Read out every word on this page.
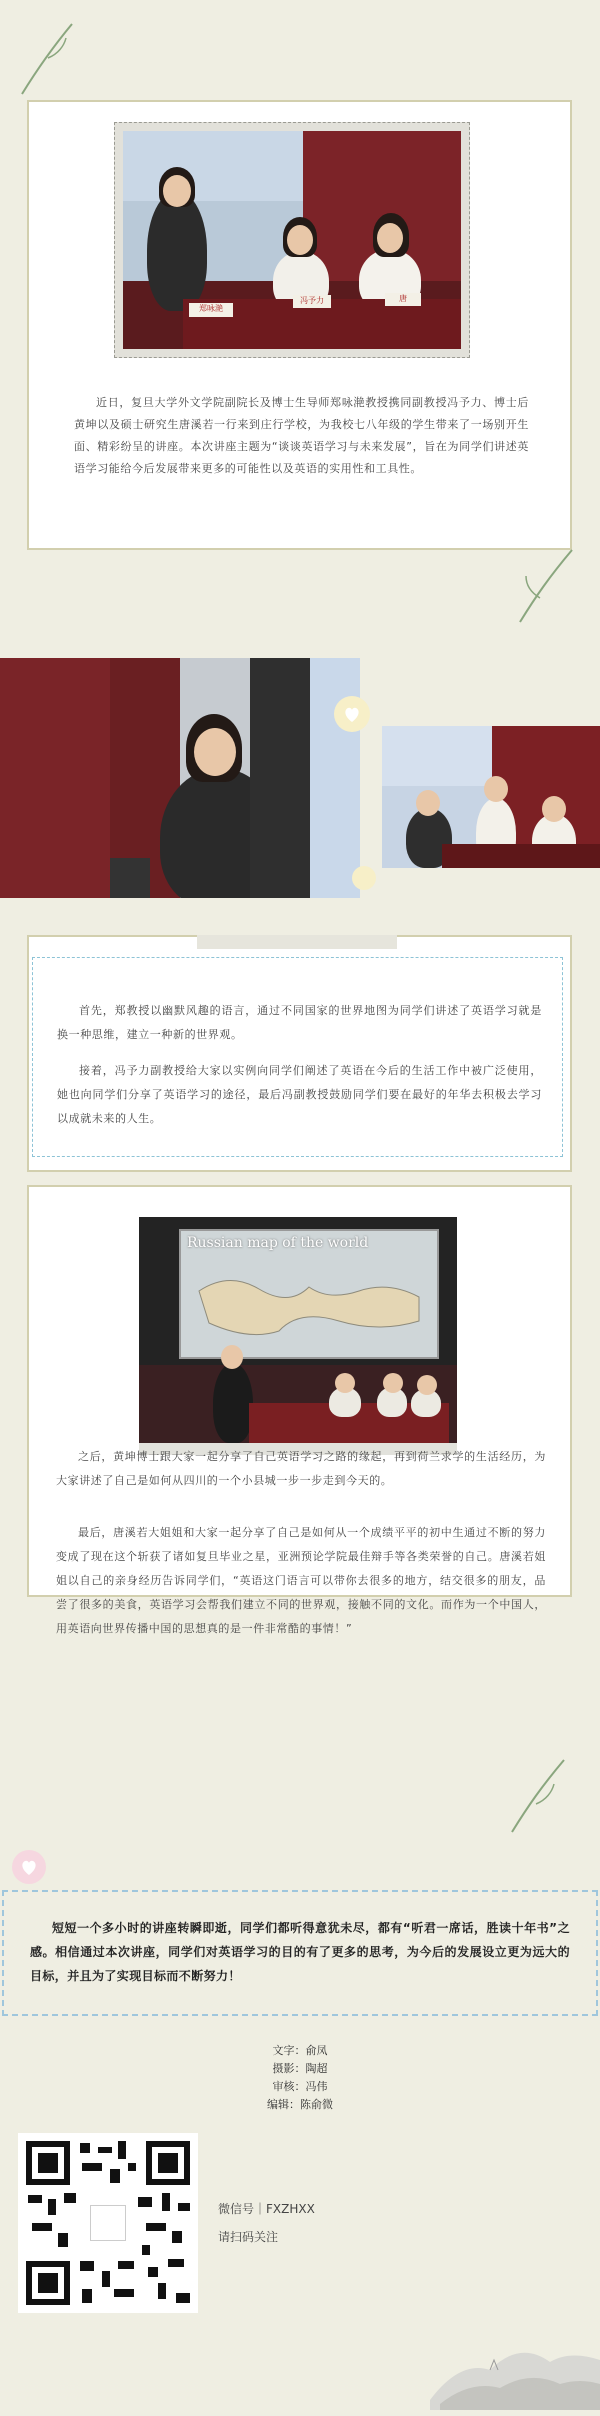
郑咏滟
冯予力	唐
近日，复旦大学外文学院副院长及博士生导师郑咏滟教授携同副教授冯予力、博士后黄坤以及硕士研究生唐溪若一行来到庄行学校，为我校七八年级的学生带来了一场别开生面、精彩纷呈的讲座。本次讲座主题为“谈谈英语学习与未来发展”，旨在为同学们讲述英语学习能给今后发展带来更多的可能性以及英语的实用性和工具性。
首先，郑教授以幽默风趣的语言，通过不同国家的世界地图为同学们讲述了英语学习就是换一种思维，建立一种新的世界观。
接着，冯予力副教授给大家以实例向同学们阐述了英语在今后的生活工作中被广泛使用，她也向同学们分享了英语学习的途径，最后冯副教授鼓励同学们要在最好的年华去积极去学习以成就未来的人生。
Russian map of the world
之后，黄坤博士跟大家一起分享了自己英语学习之路的缘起，再到荷兰求学的生活经历，为大家讲述了自己是如何从四川的一个小县城一步一步走到今天的。
最后，唐溪若大姐姐和大家一起分享了自己是如何从一个成绩平平的初中生通过不断的努力变成了现在这个斩获了诸如复旦毕业之星，亚洲预论学院最佳辩手等各类荣誉的自己。唐溪若姐姐以自己的亲身经历告诉同学们，“英语这门语言可以带你去很多的地方，结交很多的朋友，品尝了很多的美食，英语学习会帮我们建立不同的世界观，接触不同的文化。而作为一个中国人，用英语向世界传播中国的思想真的是一件非常酷的事情！”
短短一个多小时的讲座转瞬即逝，同学们都听得意犹未尽，都有“听君一席话，胜读十年书”之感。相信通过本次讲座，同学们对英语学习的目的有了更多的思考，为今后的发展设立更为远大的目标，并且为了实现目标而不断努力！
文字：俞凤
摄影：陶超
审核：冯伟
编辑：陈俞微
微信号｜FXZHXX
请扫码关注
